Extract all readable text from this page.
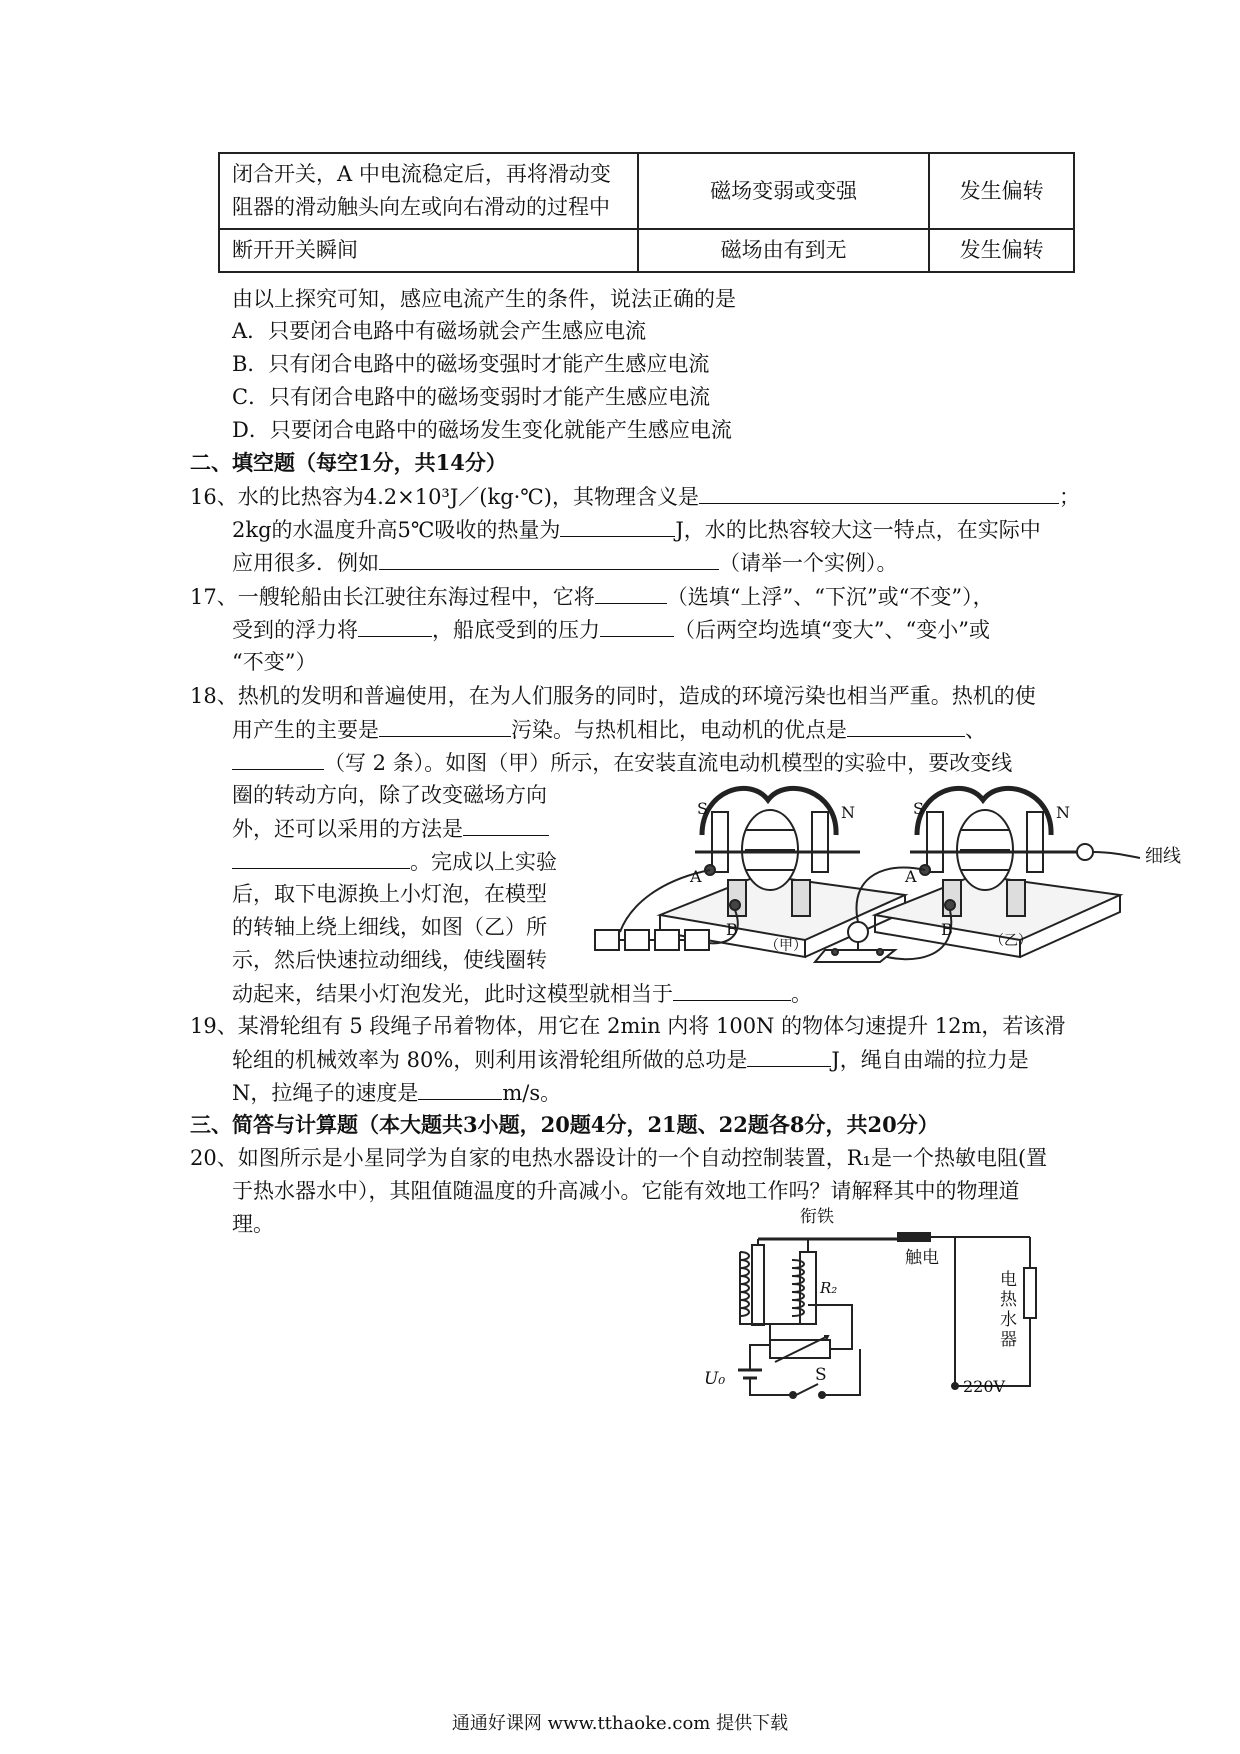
闭合开关，A 中电流稳定后，再将滑动变
阻器的滑动触头向左或向右滑动的过程中	磁场变弱或变强	发生偏转
断开开关瞬间	磁场由有到无	发生偏转
由以上探究可知，感应电流产生的条件，说法正确的是
A．只要闭合电路中有磁场就会产生感应电流
B．只有闭合电路中的磁场变强时才能产生感应电流
C．只有闭合电路中的磁场变弱时才能产生感应电流
D．只要闭合电路中的磁场发生变化就能产生感应电流
二、填空题（每空1分，共14分）
16、水的比热容为4.2×10³J／(kg·℃)，其物理含义是	；
2kg的水温度升高5℃吸收的热量为	J，水的比热容较大这一特点，在实际中
应用很多．例如	（请举一个实例）。
17、一艘轮船由长江驶往东海过程中，它将	（选填“上浮”、“下沉”或“不变”），
受到的浮力将	，船底受到的压力	（后两空均选填“变大”、“变小”或
“不变”）
18、热机的发明和普遍使用，在为人们服务的同时，造成的环境污染也相当严重。热机的使
用产生的主要是	污染。与热机相比，电动机的优点是	、
（写 2 条）。如图（甲）所示，在安装直流电动机模型的实验中，要改变线
圈的转动方向，除了改变磁场方向
外，还可以采用的方法是
。完成以上实验
后，取下电源换上小灯泡，在模型
的转轴上绕上细线，如图（乙）所
示，然后快速拉动细线，使线圈转
动起来，结果小灯泡发光，此时这模型就相当于	。
S	N
A
B
（甲）
S	N
A
B
（乙）
细线
19、某滑轮组有 5 段绳子吊着物体，用它在 2min 内将 100N 的物体匀速提升 12m，若该滑
轮组的机械效率为 80%，则利用该滑轮组所做的总功是	J，绳自由端的拉力是
N，拉绳子的速度是	m/s。
三、简答与计算题（本大题共3小题，20题4分，21题、22题各8分，共20分）
20、如图所示是小星同学为自家的电热水器设计的一个自动控制装置，R₁是一个热敏电阻(置
于热水器水中），其阻值随温度的升高减小。它能有效地工作吗？请解释其中的物理道
理。	衔铁
触电
R₂	电
热
水
器
U₀	S
220V
通通好课网 www.tthaoke.com 提供下载
